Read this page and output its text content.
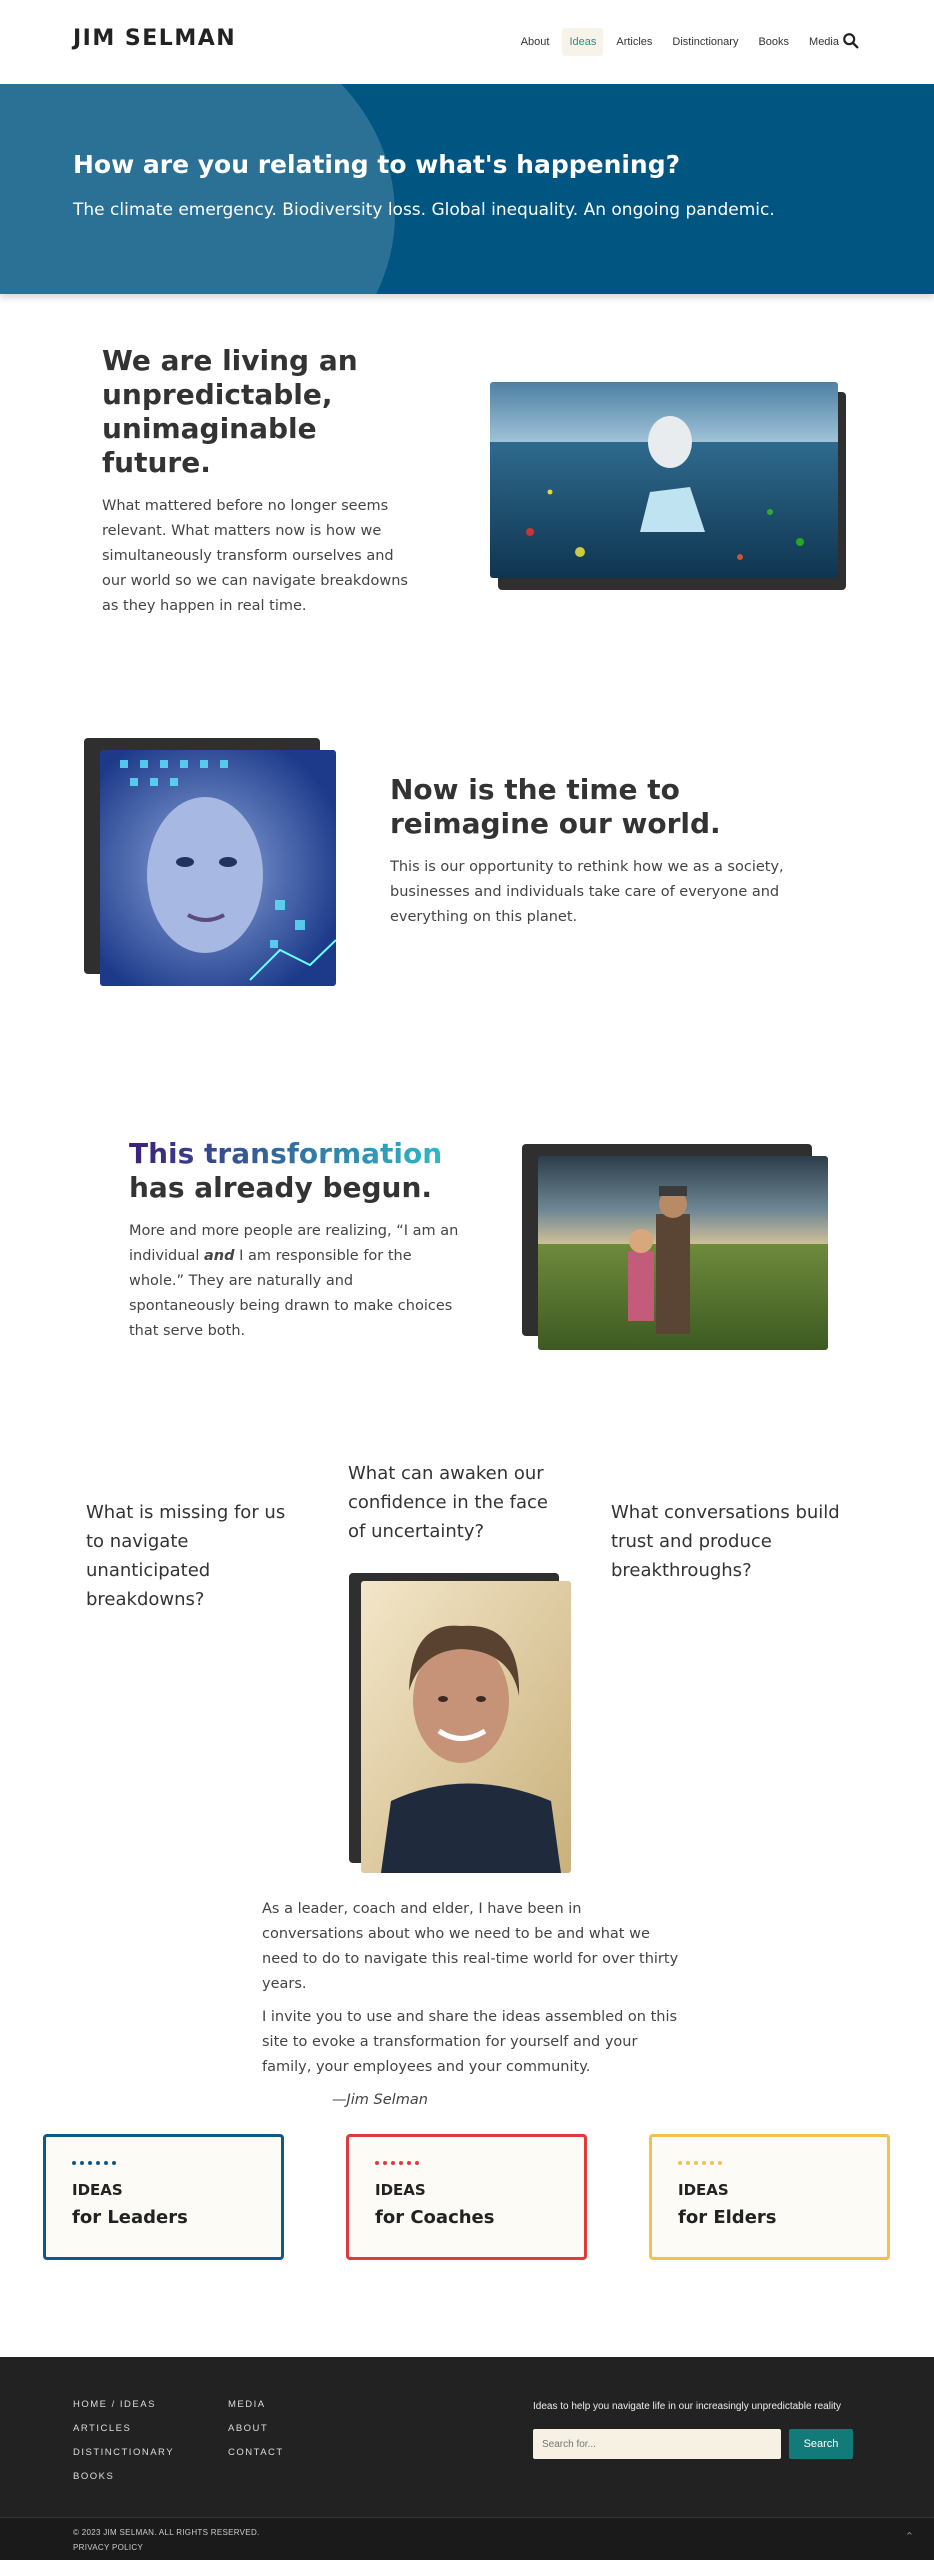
JIM SELMAN	About	Ideas	Articles	Distinctionary	Books	Media
How are you relating to what's happening?

The climate emergency. Biodiversity loss. Global inequality. An ongoing pandemic.

We are living an unpredictable, unimaginable future.
What mattered before no longer seems relevant. What matters now is how we simultaneously transform ourselves and our world so we can navigate breakdowns as they happen in real time.
Now is the time to reimagine our world.
This is our opportunity to rethink how we as a society, businesses and individuals take care of everyone and everything on this planet.
This transformation
has already begun.
More and more people are realizing, “I am an individual and I am responsible for the whole.” They are naturally and spontaneously being drawn to make choices that serve both.
What is missing for us to navigate unanticipated breakdowns?
What can awaken our confidence in the face of uncertainty?
What conversations build trust and produce breakthroughs?
As a leader, coach and elder, I have been in conversations about who we need to be and what we need to do to navigate this real-time world for over thirty years.
I invite you to use and share the ideas assembled on this site to evoke a transformation for yourself and your family, your employees and your community.
—Jim Selman
IDEAS
for Leaders
IDEAS
for Coaches
IDEAS
for Elders
HOME / IDEAS
ARTICLES
DISTINCTIONARY
BOOKS
MEDIA
ABOUT
CONTACT
Ideas to help you navigate life in our increasingly unpredictable reality
Search for...
Search
© 2023 JIM SELMAN. ALL RIGHTS RESERVED.
PRIVACY POLICY
⌃
